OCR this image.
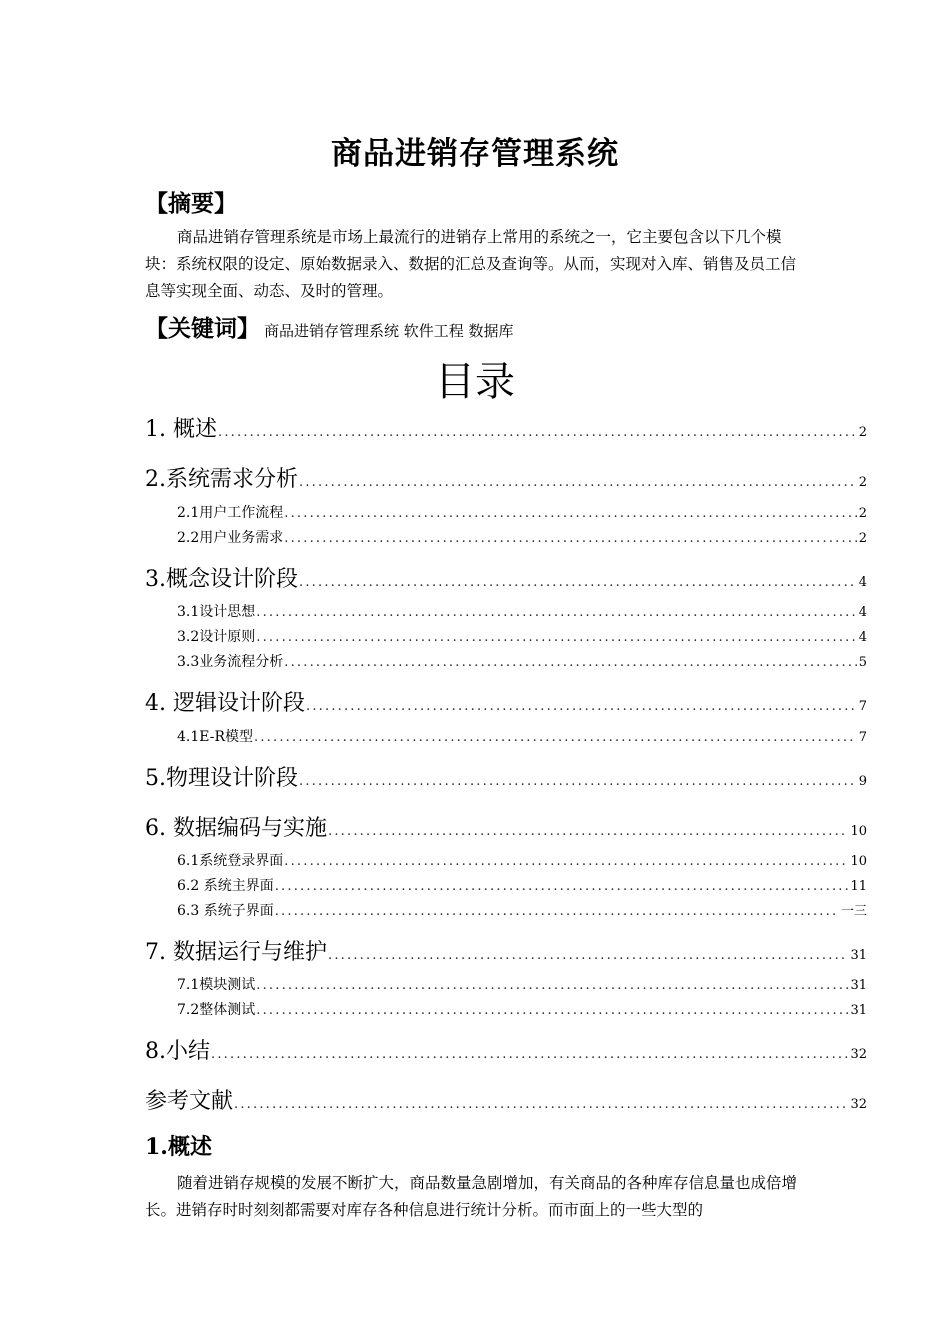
商品进销存管理系统
【摘要】
商品进销存管理系统是市场上最流行的进销存上常用的系统之一，它主要包含以下几个模块：系统权限的设定、原始数据录入、数据的汇总及查询等。从而，实现对入库、销售及员工信息等实现全面、动态、及时的管理。
【关键词】 商品进销存管理系统 软件工程 数据库
目录
1. 概述 .....	2
2.系统需求分析 .....	2
2.1用户工作流程 .....	2
2.2用户业务需求 .....	2
3.概念设计阶段 .....	4
3.1设计思想 .....	4
3.2设计原则 .....	4
3.3业务流程分析 .....	5
4. 逻辑设计阶段 .....	7
4.1E-R模型 .....	7
5.物理设计阶段 .....	9
6. 数据编码与实施 .....	10
6.1系统登录界面 .....	10
6.2 系统主界面 .....	11
6.3 系统子界面 .....	一三
7. 数据运行与维护 .....	31
7.1模块测试 .....	31
7.2整体测试 .....	31
8.小结 .....	32
参考文献 .....	32
1.概述
随着进销存规模的发展不断扩大，商品数量急剧增加，有关商品的各种库存信息量也成倍增长。进销存时时刻刻都需要对库存各种信息进行统计分析。而市面上的一些大型的
